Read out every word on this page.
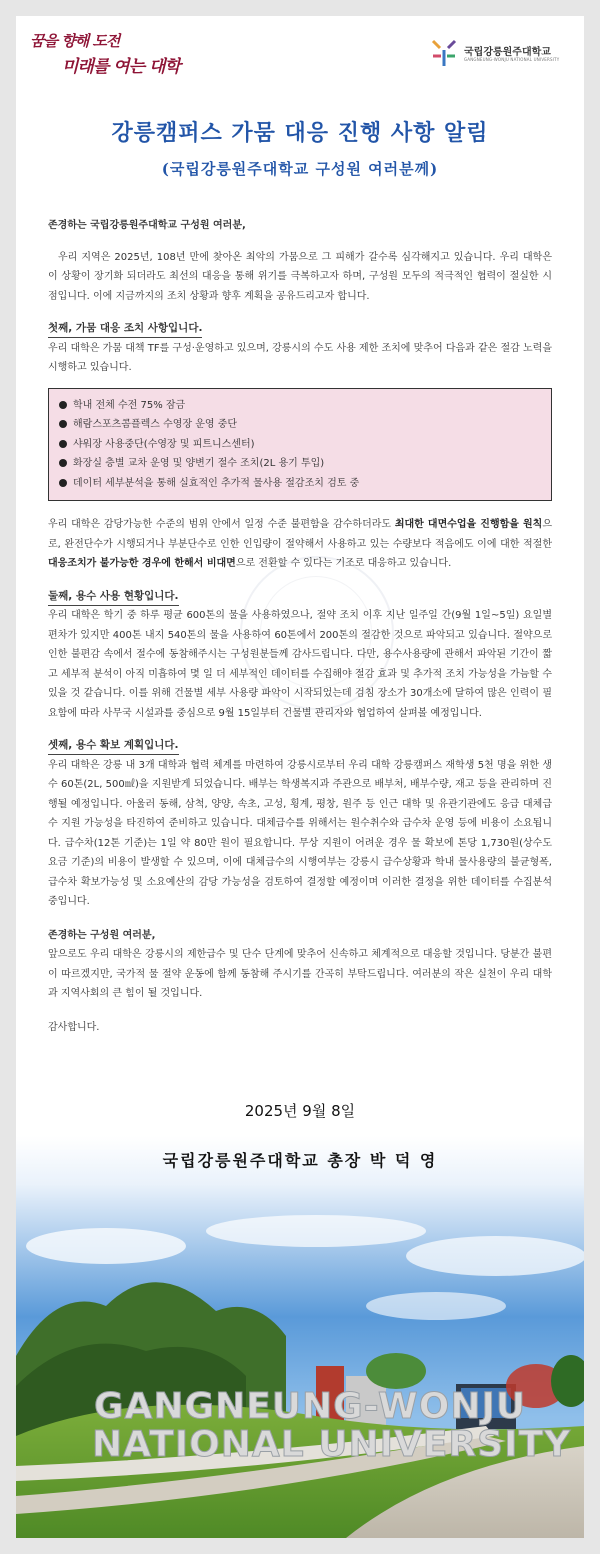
꿈을 향해 도전
미래를 여는 대학
국립강릉원주대학교
GANGNEUNG-WONJU NATIONAL UNIVERSITY
강릉캠퍼스 가뭄 대응 진행 사항 알림
(국립강릉원주대학교 구성원 여러분께)

존경하는 국립강릉원주대학교 구성원 여러분,

우리 지역은 2025년, 108년 만에 찾아온 최악의 가뭄으로 그 피해가 갈수록 심각해지고 있습니다. 우리 대학은 이 상황이 장기화 되더라도 최선의 대응을 통해 위기를 극복하고자 하며, 구성원 모두의 적극적인 협력이 절실한 시점입니다. 이에 지금까지의 조치 상황과 향후 계획을 공유드리고자 합니다.

첫째, 가뭄 대응 조치 사항입니다.

우리 대학은 가뭄 대책 TF를 구성·운영하고 있으며, 강릉시의 수도 사용 제한 조치에 맞추어 다음과 같은 절감 노력을 시행하고 있습니다.

학내 전체 수전 75% 잠금
해람스포츠콤플렉스 수영장 운영 중단
샤워장 사용중단(수영장 및 피트니스센터)
화장실 층별 교차 운영 및 양변기 절수 조치(2L 용기 투입)
데이터 세부분석을 통해 실효적인 추가적 물사용 절감조치 검토 중

우리 대학은 감당가능한 수준의 범위 안에서 일정 수준 불편함을 감수하더라도 최대한 대면수업을 진행함을 원칙으로, 완전단수가 시행되거나 부분단수로 인한 인입량이 절약해서 사용하고 있는 수량보다 적음에도 이에 대한 적절한 대응조치가 불가능한 경우에 한해서 비대면으로 전환할 수 있다는 기조로 대응하고 있습니다.

둘째, 용수 사용 현황입니다.

우리 대학은 학기 중 하루 평균 600톤의 물을 사용하였으나, 절약 조치 이후 지난 일주일 간(9월 1일~5일) 요일별 편차가 있지만 400톤 내지 540톤의 물을 사용하여 60톤에서 200톤의 절감한 것으로 파악되고 있습니다. 절약으로 인한 불편감 속에서 절수에 동참해주시는 구성원분들께 감사드립니다. 다만, 용수사용량에 관해서 파악된 기간이 짧고 세부적 분석이 아직 미흡하여 몇 일 더 세부적인 데이터를 수집해야 절감 효과 및 추가적 조치 가능성을 가늠할 수 있을 것 같습니다. 이를 위해 건물별 세부 사용량 파악이 시작되었는데 검침 장소가 30개소에 달하여 많은 인력이 필요함에 따라 사무국 시설과를 중심으로 9월 15일부터 건물별 관리자와 협업하여 살펴볼 예정입니다.

셋째, 용수 확보 계획입니다.

우리 대학은 강릉 내 3개 대학과 협력 체계를 마련하여 강릉시로부터 우리 대학 강릉캠퍼스 재학생 5천 명을 위한 생수 60톤(2L, 500㎖)을 지원받게 되었습니다. 배부는 학생복지과 주관으로 배부처, 배부수량, 재고 등을 관리하며 진행될 예정입니다. 아울러 동해, 삼척, 양양, 속초, 고성, 횡계, 평창, 원주 등 인근 대학 및 유관기관에도 응급 대체급수 지원 가능성을 타진하여 준비하고 있습니다. 대체급수를 위해서는 원수취수와 급수차 운영 등에 비용이 소요됩니다. 급수차(12톤 기준)는 1일 약 80만 원이 필요합니다. 무상 지원이 어려운 경우 물 확보에 톤당 1,730원(상수도 요금 기준)의 비용이 발생할 수 있으며, 이에 대체급수의 시행여부는 강릉시 급수상황과 학내 물사용량의 불균형폭, 급수차 확보가능성 및 소요예산의 감당 가능성을 검토하여 결정할 예정이며 이러한 결정을 위한 데이터를 수집분석 중입니다.

존경하는 구성원 여러분,

앞으로도 우리 대학은 강릉시의 제한급수 및 단수 단계에 맞추어 신속하고 체계적으로 대응할 것입니다. 당분간 불편이 따르겠지만, 국가적 물 절약 운동에 함께 동참해 주시기를 간곡히 부탁드립니다. 여러분의 작은 실천이 우리 대학과 지역사회의 큰 힘이 될 것입니다.

감사합니다.

2025년 9월 8일
GANGNEUNG-WONJU
NATIONAL UNIVERSITY
국립강릉원주대학교 총장 박 덕 영
